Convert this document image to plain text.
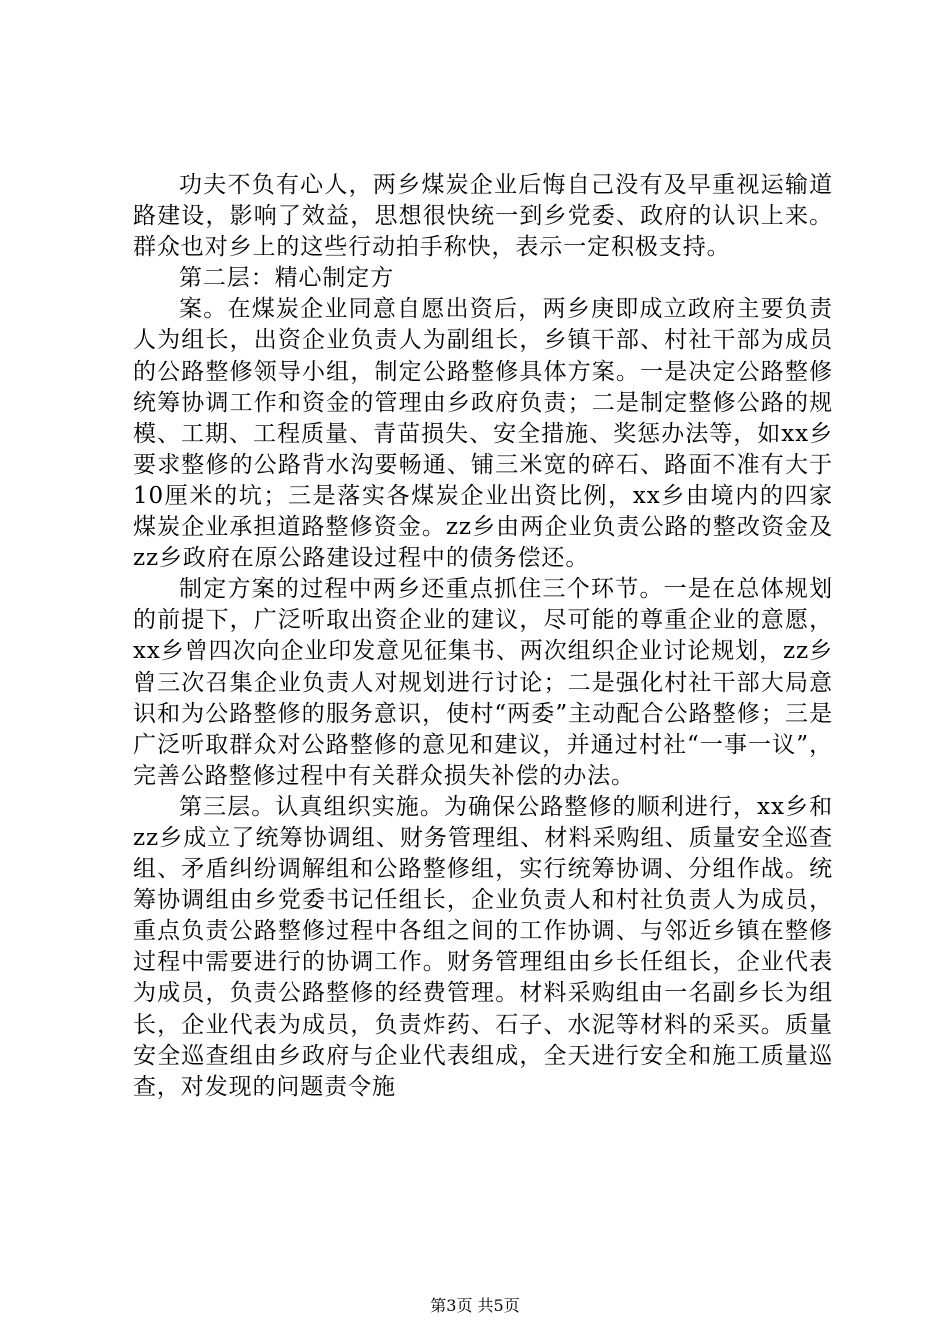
功夫不负有心人，两乡煤炭企业后悔自己没有及早重视运输道路建设，影响了效益，思想很快统一到乡党委、政府的认识上来。群众也对乡上的这些行动拍手称快，表示一定积极支持。

第二层：精心制定方

案。在煤炭企业同意自愿出资后，两乡庚即成立政府主要负责人为组长，出资企业负责人为副组长，乡镇干部、村社干部为成员的公路整修领导小组，制定公路整修具体方案。一是决定公路整修统筹协调工作和资金的管理由乡政府负责；二是制定整修公路的规模、工期、工程质量、青苗损失、安全措施、奖惩办法等，如xx乡要求整修的公路背水沟要畅通、铺三米宽的碎石、路面不准有大于10厘米的坑；三是落实各煤炭企业出资比例，xx乡由境内的四家煤炭企业承担道路整修资金。zz乡由两企业负责公路的整改资金及zz乡政府在原公路建设过程中的债务偿还。

制定方案的过程中两乡还重点抓住三个环节。一是在总体规划的前提下，广泛听取出资企业的建议，尽可能的尊重企业的意愿，xx乡曾四次向企业印发意见征集书、两次组织企业讨论规划，zz乡曾三次召集企业负责人对规划进行讨论；二是强化村社干部大局意识和为公路整修的服务意识，使村“两委”主动配合公路整修；三是广泛听取群众对公路整修的意见和建议，并通过村社“一事一议”，完善公路整修过程中有关群众损失补偿的办法。

第三层。认真组织实施。为确保公路整修的顺利进行，xx乡和zz乡成立了统筹协调组、财务管理组、材料采购组、质量安全巡查组、矛盾纠纷调解组和公路整修组，实行统筹协调、分组作战。统筹协调组由乡党委书记任组长，企业负责人和村社负责人为成员，重点负责公路整修过程中各组之间的工作协调、与邻近乡镇在整修过程中需要进行的协调工作。财务管理组由乡长任组长，企业代表为成员，负责公路整修的经费管理。材料采购组由一名副乡长为组长，企业代表为成员，负责炸药、石子、水泥等材料的采买。质量安全巡查组由乡政府与企业代表组成，全天进行安全和施工质量巡查，对发现的问题责令施

第3页 共5页
